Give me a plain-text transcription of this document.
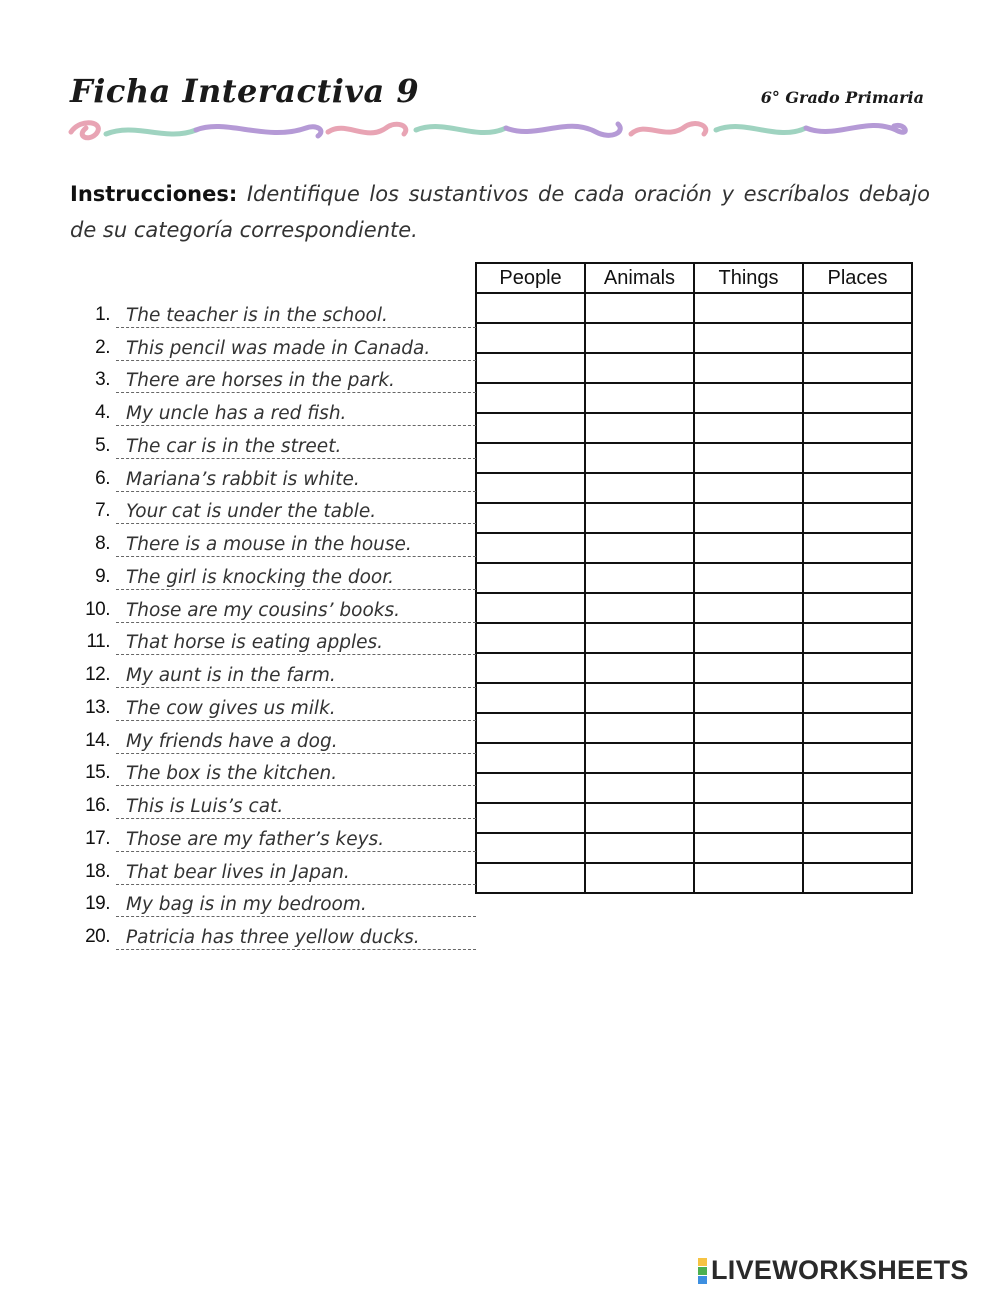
Ficha Interactiva 9	6° Grado Primaria
Instrucciones: Identifique los sustantivos de cada oración y escríbalos debajo de su categoría correspondiente.
People	Animals	Things	Places

1. The teacher is in the school.
2. This pencil was made in Canada.
3. There are horses in the park.
4. My uncle has a red fish.
5. The car is in the street.
6. Mariana’s rabbit is white.
7. Your cat is under the table.
8. There is a mouse in the house.
9. The girl is knocking the door.
10. Those are my cousins’ books.
11. That horse is eating apples.
12. My aunt is in the farm.
13. The cow gives us milk.
14. My friends have a dog.
15. The box is the kitchen.
16. This is Luis’s cat.
17. Those are my father’s keys.
18. That bear lives in Japan.
19. My bag is in my bedroom.
20. Patricia has three yellow ducks.
LIVEWORKSHEETS
